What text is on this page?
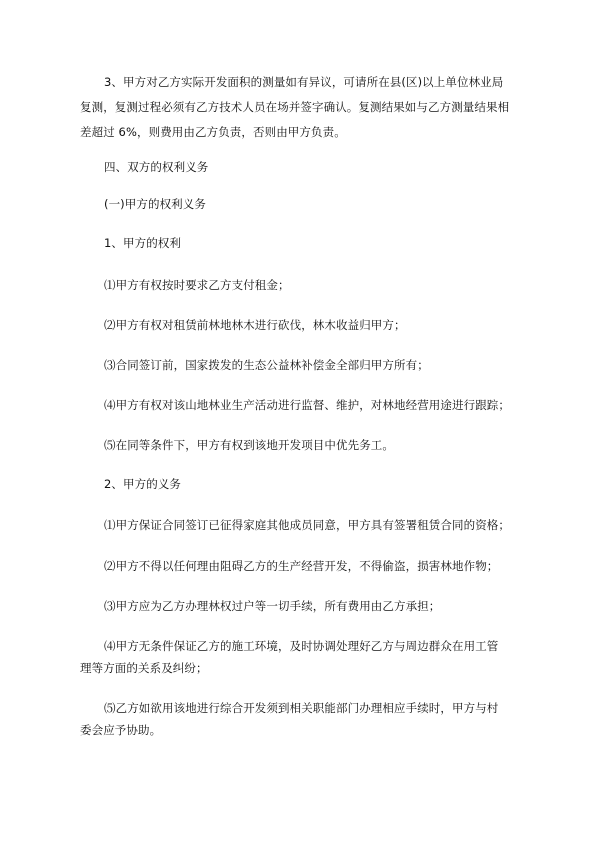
3、甲方对乙方实际开发面积的测量如有异议，可请所在县(区)以上单位林业局
复测，复测过程必须有乙方技术人员在场并签字确认。复测结果如与乙方测量结果相
差超过 6%，则费用由乙方负责，否则由甲方负责。
四、双方的权利义务
(一)甲方的权利义务
1、甲方的权利
⑴甲方有权按时要求乙方支付租金；
⑵甲方有权对租赁前林地林木进行砍伐，林木收益归甲方；
⑶合同签订前，国家拨发的生态公益林补偿金全部归甲方所有；
⑷甲方有权对该山地林业生产活动进行监督、维护，对林地经营用途进行跟踪；
⑸在同等条件下，甲方有权到该地开发项目中优先务工。
2、甲方的义务
⑴甲方保证合同签订已征得家庭其他成员同意，甲方具有签署租赁合同的资格；
⑵甲方不得以任何理由阻碍乙方的生产经营开发，不得偷盗，损害林地作物；
⑶甲方应为乙方办理林权过户等一切手续，所有费用由乙方承担；
⑷甲方无条件保证乙方的施工环境，及时协调处理好乙方与周边群众在用工管
理等方面的关系及纠纷；
⑸乙方如欲用该地进行综合开发须到相关职能部门办理相应手续时，甲方与村
委会应予协助。
